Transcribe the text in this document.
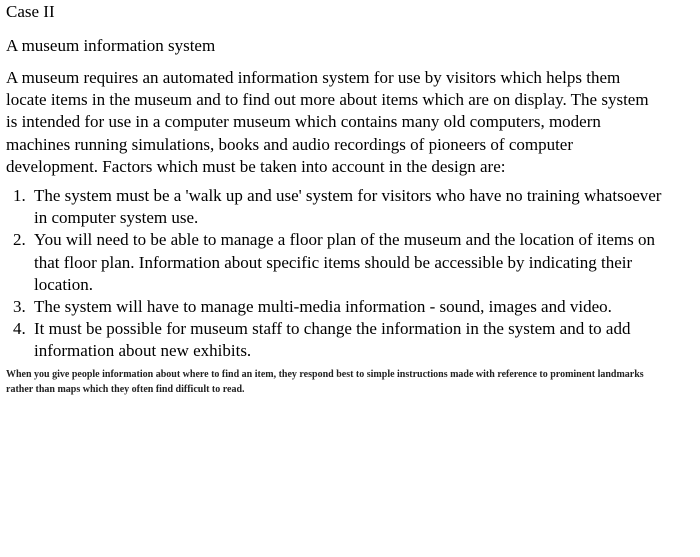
Case II
A museum information system
A museum requires an automated information system for use by visitors which helps them
locate items in the museum and to find out more about items which are on display. The system
is intended for use in a computer museum which contains many old computers, modern
machines running simulations, books and audio recordings of pioneers of computer
development. Factors which must be taken into account in the design are:
1. The system must be a 'walk up and use' system for visitors who have no training whatsoever
in computer system use.
2. You will need to be able to manage a floor plan of the museum and the location of items on
that floor plan. Information about specific items should be accessible by indicating their
location.
3. The system will have to manage multi-media information - sound, images and video.
4. It must be possible for museum staff to change the information in the system and to add
information about new exhibits.
When you give people information about where to find an item, they respond best to simple instructions made with reference to prominent landmarks
rather than maps which they often find difficult to read.
